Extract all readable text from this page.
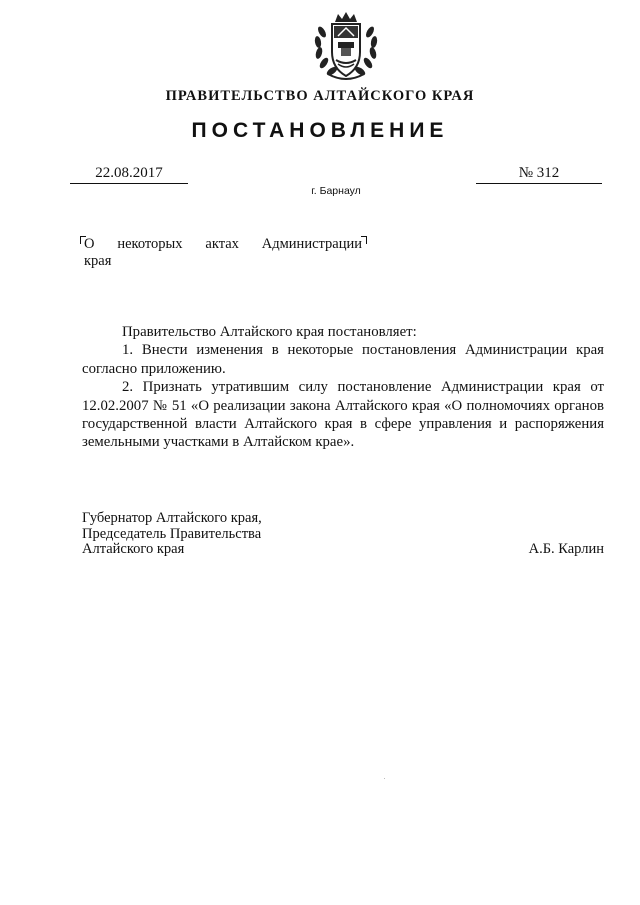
ПРАВИТЕЛЬСТВО АЛТАЙСКОГО КРАЯ
ПОСТАНОВЛЕНИЕ
22.08.2017	№ 312
г. Барнаул
О некоторых актах Администрации
края

Правительство Алтайского края постановляет:

1. Внести изменения в некоторые постановления Администрации края согласно приложению.

2. Признать утратившим силу постановление Администрации края от 12.02.2007 № 51 «О реализации закона Алтайского края «О полномочиях органов государственной власти Алтайского края в сфере управления и распоряжения земельными участками в Алтайском крае».

Губернатор Алтайского края,
Председатель Правительства
Алтайского края	А.Б. Карлин
